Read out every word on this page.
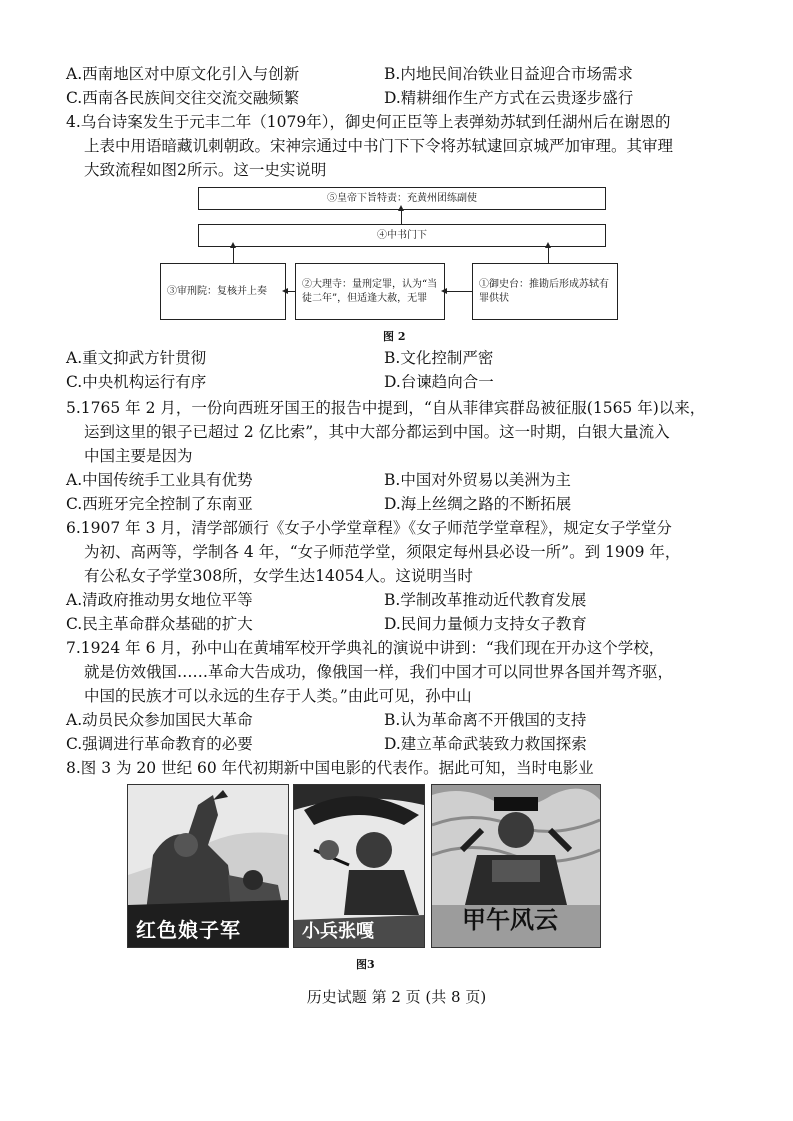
A.西南地区对中原文化引入与创新	B.内地民间冶铁业日益迎合市场需求
C.西南各民族间交往交流交融频繁	D.精耕细作生产方式在云贵逐步盛行
4.乌台诗案发生于元丰二年（1079年），御史何正臣等上表弹劾苏轼到任湖州后在谢恩的
上表中用语暗藏讥刺朝政。宋神宗通过中书门下下令将苏轼逮回京城严加审理。其审理
大致流程如图2所示。这一史实说明
⑤皇帝下旨特责：充黄州团练副使
④中书门下
③审刑院：复核并上奏
②大理寺：量刑定罪，认为“当徒二年”，但适逢大赦，无罪
①御史台：推勘后形成苏轼有罪供状
图 2
A.重文抑武方针贯彻	B.文化控制严密
C.中央机构运行有序	D.台谏趋向合一
5.1765 年 2 月，一份向西班牙国王的报告中提到，“自从菲律宾群岛被征服(1565 年)以来，
运到这里的银子已超过 2 亿比索”，其中大部分都运到中国。这一时期，白银大量流入
中国主要是因为
A.中国传统手工业具有优势	B.中国对外贸易以美洲为主
C.西班牙完全控制了东南亚	D.海上丝绸之路的不断拓展
6.1907 年 3 月，清学部颁行《女子小学堂章程》《女子师范学堂章程》，规定女子学堂分
为初、高两等，学制各 4 年，“女子师范学堂，须限定每州县必设一所”。到 1909 年，
有公私女子学堂308所，女学生达14054人。这说明当时
A.清政府推动男女地位平等	B.学制改革推动近代教育发展
C.民主革命群众基础的扩大	D.民间力量倾力支持女子教育
7.1924 年 6 月，孙中山在黄埔军校开学典礼的演说中讲到：“我们现在开办这个学校，
就是仿效俄国……革命大告成功，像俄国一样，我们中国才可以同世界各国并驾齐驱，
中国的民族才可以永远的生存于人类。”由此可见，孙中山
A.动员民众参加国民大革命	B.认为革命离不开俄国的支持
C.强调进行革命教育的必要	D.建立革命武装致力救国探索
8.图 3 为 20 世纪 60 年代初期新中国电影的代表作。据此可知，当时电影业
红色娘子军	小兵张嘎	甲午风云
图3
历史试题 第 2 页 (共 8 页)
